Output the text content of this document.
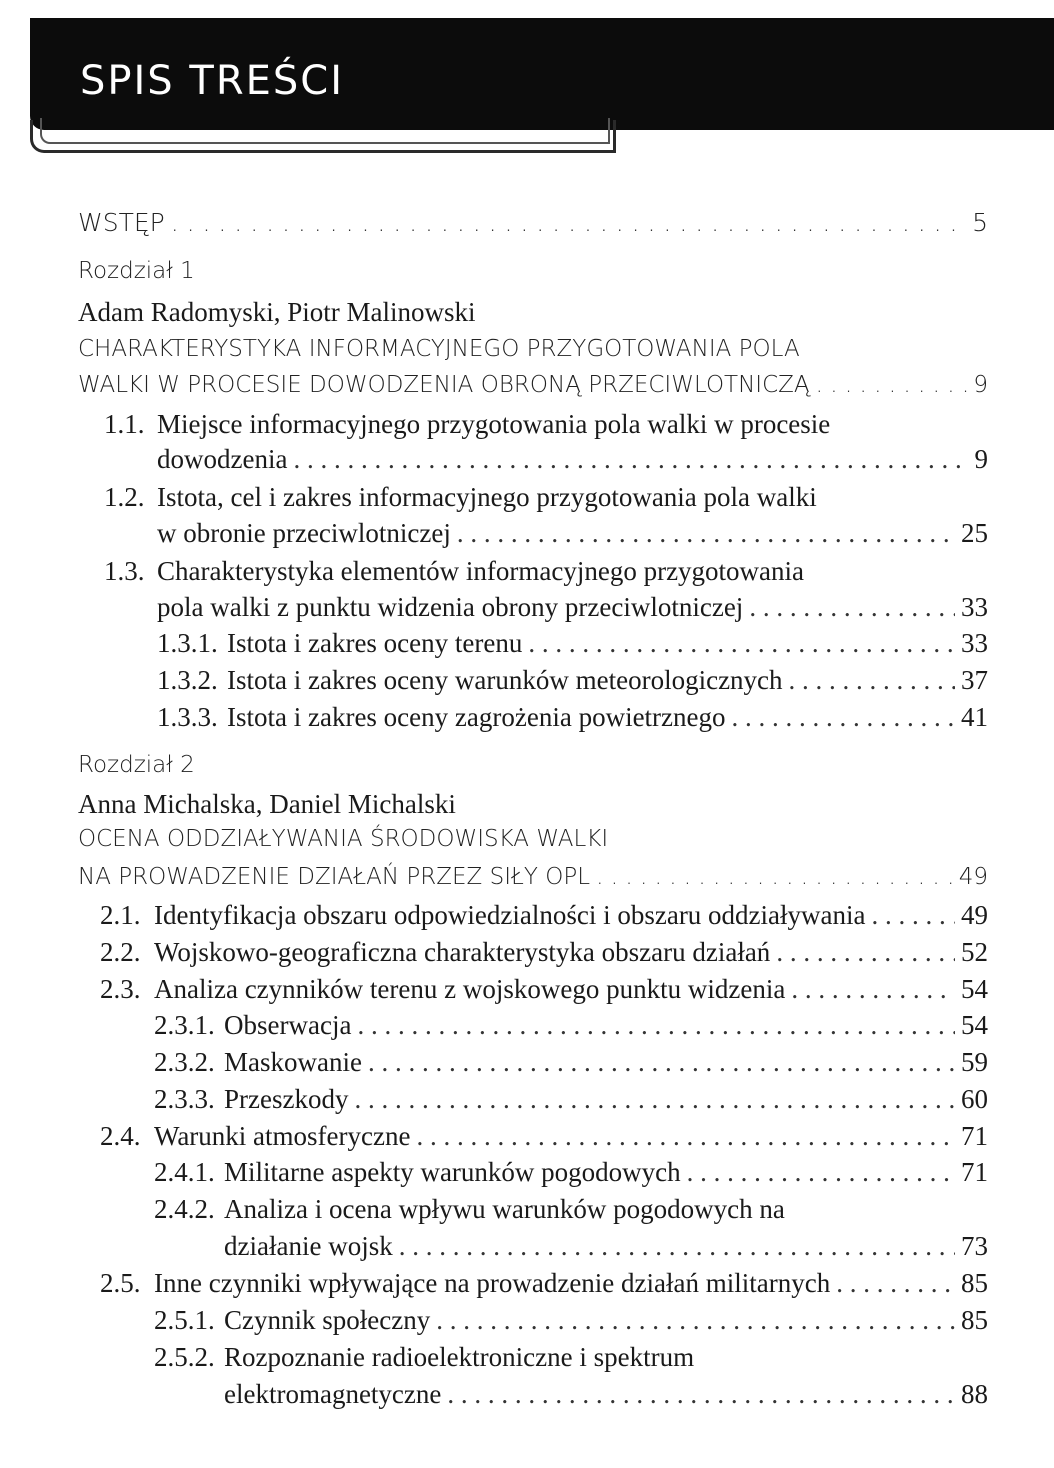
SPIS TREŚCI
WSTĘP . . .	5
Rozdział 1
Adam Radomyski, Piotr Malinowski
CHARAKTERYSTYKA INFORMACYJNEGO PRZYGOTOWANIA POLA
WALKI W PROCESIE DOWODZENIA OBRONĄ PRZECIWLOTNICZĄ . . .	9
1.1. Miejsce informacyjnego przygotowania pola walki w procesie
dowodzenia . . .	9
1.2. Istota, cel i zakres informacyjnego przygotowania pola walki
w obronie przeciwlotniczej . . .	25
1.3. Charakterystyka elementów informacyjnego przygotowania
pola walki z punktu widzenia obrony przeciwlotniczej . . .	33
1.3.1. Istota i zakres oceny terenu . . .	33
1.3.2. Istota i zakres oceny warunków meteorologicznych . . .	37
1.3.3. Istota i zakres oceny zagrożenia powietrznego . . .	41
Rozdział 2
Anna Michalska, Daniel Michalski
OCENA ODDZIAŁYWANIA ŚRODOWISKA WALKI
NA PROWADZENIE DZIAŁAŃ PRZEZ SIŁY OPL . . .	49
2.1. Identyfikacja obszaru odpowiedzialności i obszaru oddziaływania . . .	49
2.2. Wojskowo-geograficzna charakterystyka obszaru działań . . .	52
2.3. Analiza czynników terenu z wojskowego punktu widzenia . . .	54
2.3.1. Obserwacja . . .	54
2.3.2. Maskowanie . . .	59
2.3.3. Przeszkody . . .	60
2.4. Warunki atmosferyczne . . .	71
2.4.1. Militarne aspekty warunków pogodowych . . .	71
2.4.2. Analiza i ocena wpływu warunków pogodowych na
działanie wojsk . . .	73
2.5. Inne czynniki wpływające na prowadzenie działań militarnych . . .	85
2.5.1. Czynnik społeczny . . .	85
2.5.2. Rozpoznanie radioelektroniczne i spektrum
elektromagnetyczne . . .	88
